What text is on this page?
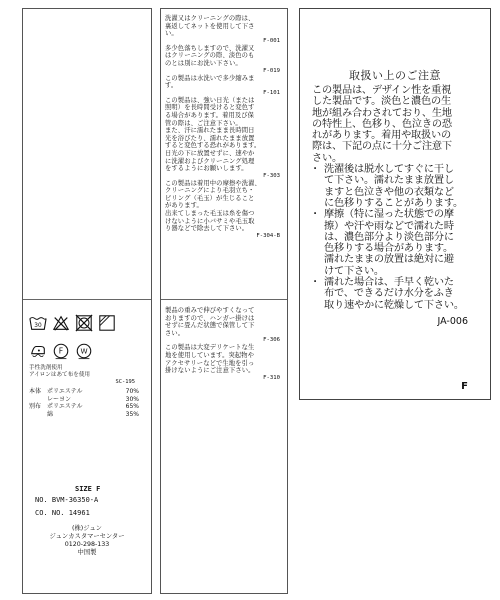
30
F W
手性洗剤使用
アイロンはあて布を使用
SC-195
本体	ポリエステル	70%
	レーヨン	30%
別布	ポリエステル	65%
	綿	35%
SIZE F
NO. BVM-36350-A
CO. NO. 14961
(株)ジュン
ジュンカスタマーセンター
0120-298-133
中国製

洗濯又はクリーニングの際は、
裏返してネットを使用して下さ
い。

F-001

多少色落ちしますので、洗濯又
はクリーニングの際、淡色のも
のとは別にお洗い下さい。

F-019

この製品は水洗いで多少縮みま
す。

F-101

この製品は、強い日光（または
照明）を長時間受けると変色す
る場合があります。着用及び保
管の際は、ご注意下さい。
また、汗に濡れたまま長時間日
光を浴びたり、濡れたまま放置
すると変色する恐れがあります。
日光の下に放置せずに、速やか
に洗濯およびクリーニング処理
をするようにお願いします。

F-303

この製品は着用中の摩擦や洗濯、
クリーニングにより毛羽立ち・
ピリング（毛玉）が生じること
があります。
出来てしまった毛玉は糸を傷つ
けないように小バサミや毛玉取
り器などで除去して下さい。

F-304-B

製品の重みで伸びやすくなって
おりますので、ハンガー掛けは
せずに畳んだ状態で保管して下
さい。

F-306

この製品は大変デリケートな生
地を使用しています。突起物や
アクセサリーなどで生地を引っ
掛けないようにご注意下さい。

F-310

取扱い上のご注意

この製品は、デザイン性を重視
した製品です。淡色と濃色の生
地が組み合わされており、生地
の特性上、色移り、色泣きの恐
れがあります。着用や取扱いの
際は、下記の点に十分ご注意下
さい。

・ 洗濯後は脱水してすぐに干し
て下さい。濡れたまま放置し
ますと色泣きや他の衣類など
に色移りすることがあります。
・ 摩擦（特に湿った状態での摩
擦）や汗や雨などで濡れた時
は、濃色部分より淡色部分に
色移りする場合があります。
濡れたままの放置は絶対に避
けて下さい。
・ 濡れた場合は、手早く乾いた
布で、できるだけ水分をふき
取り速やかに乾燥して下さい。
JA-006
F
